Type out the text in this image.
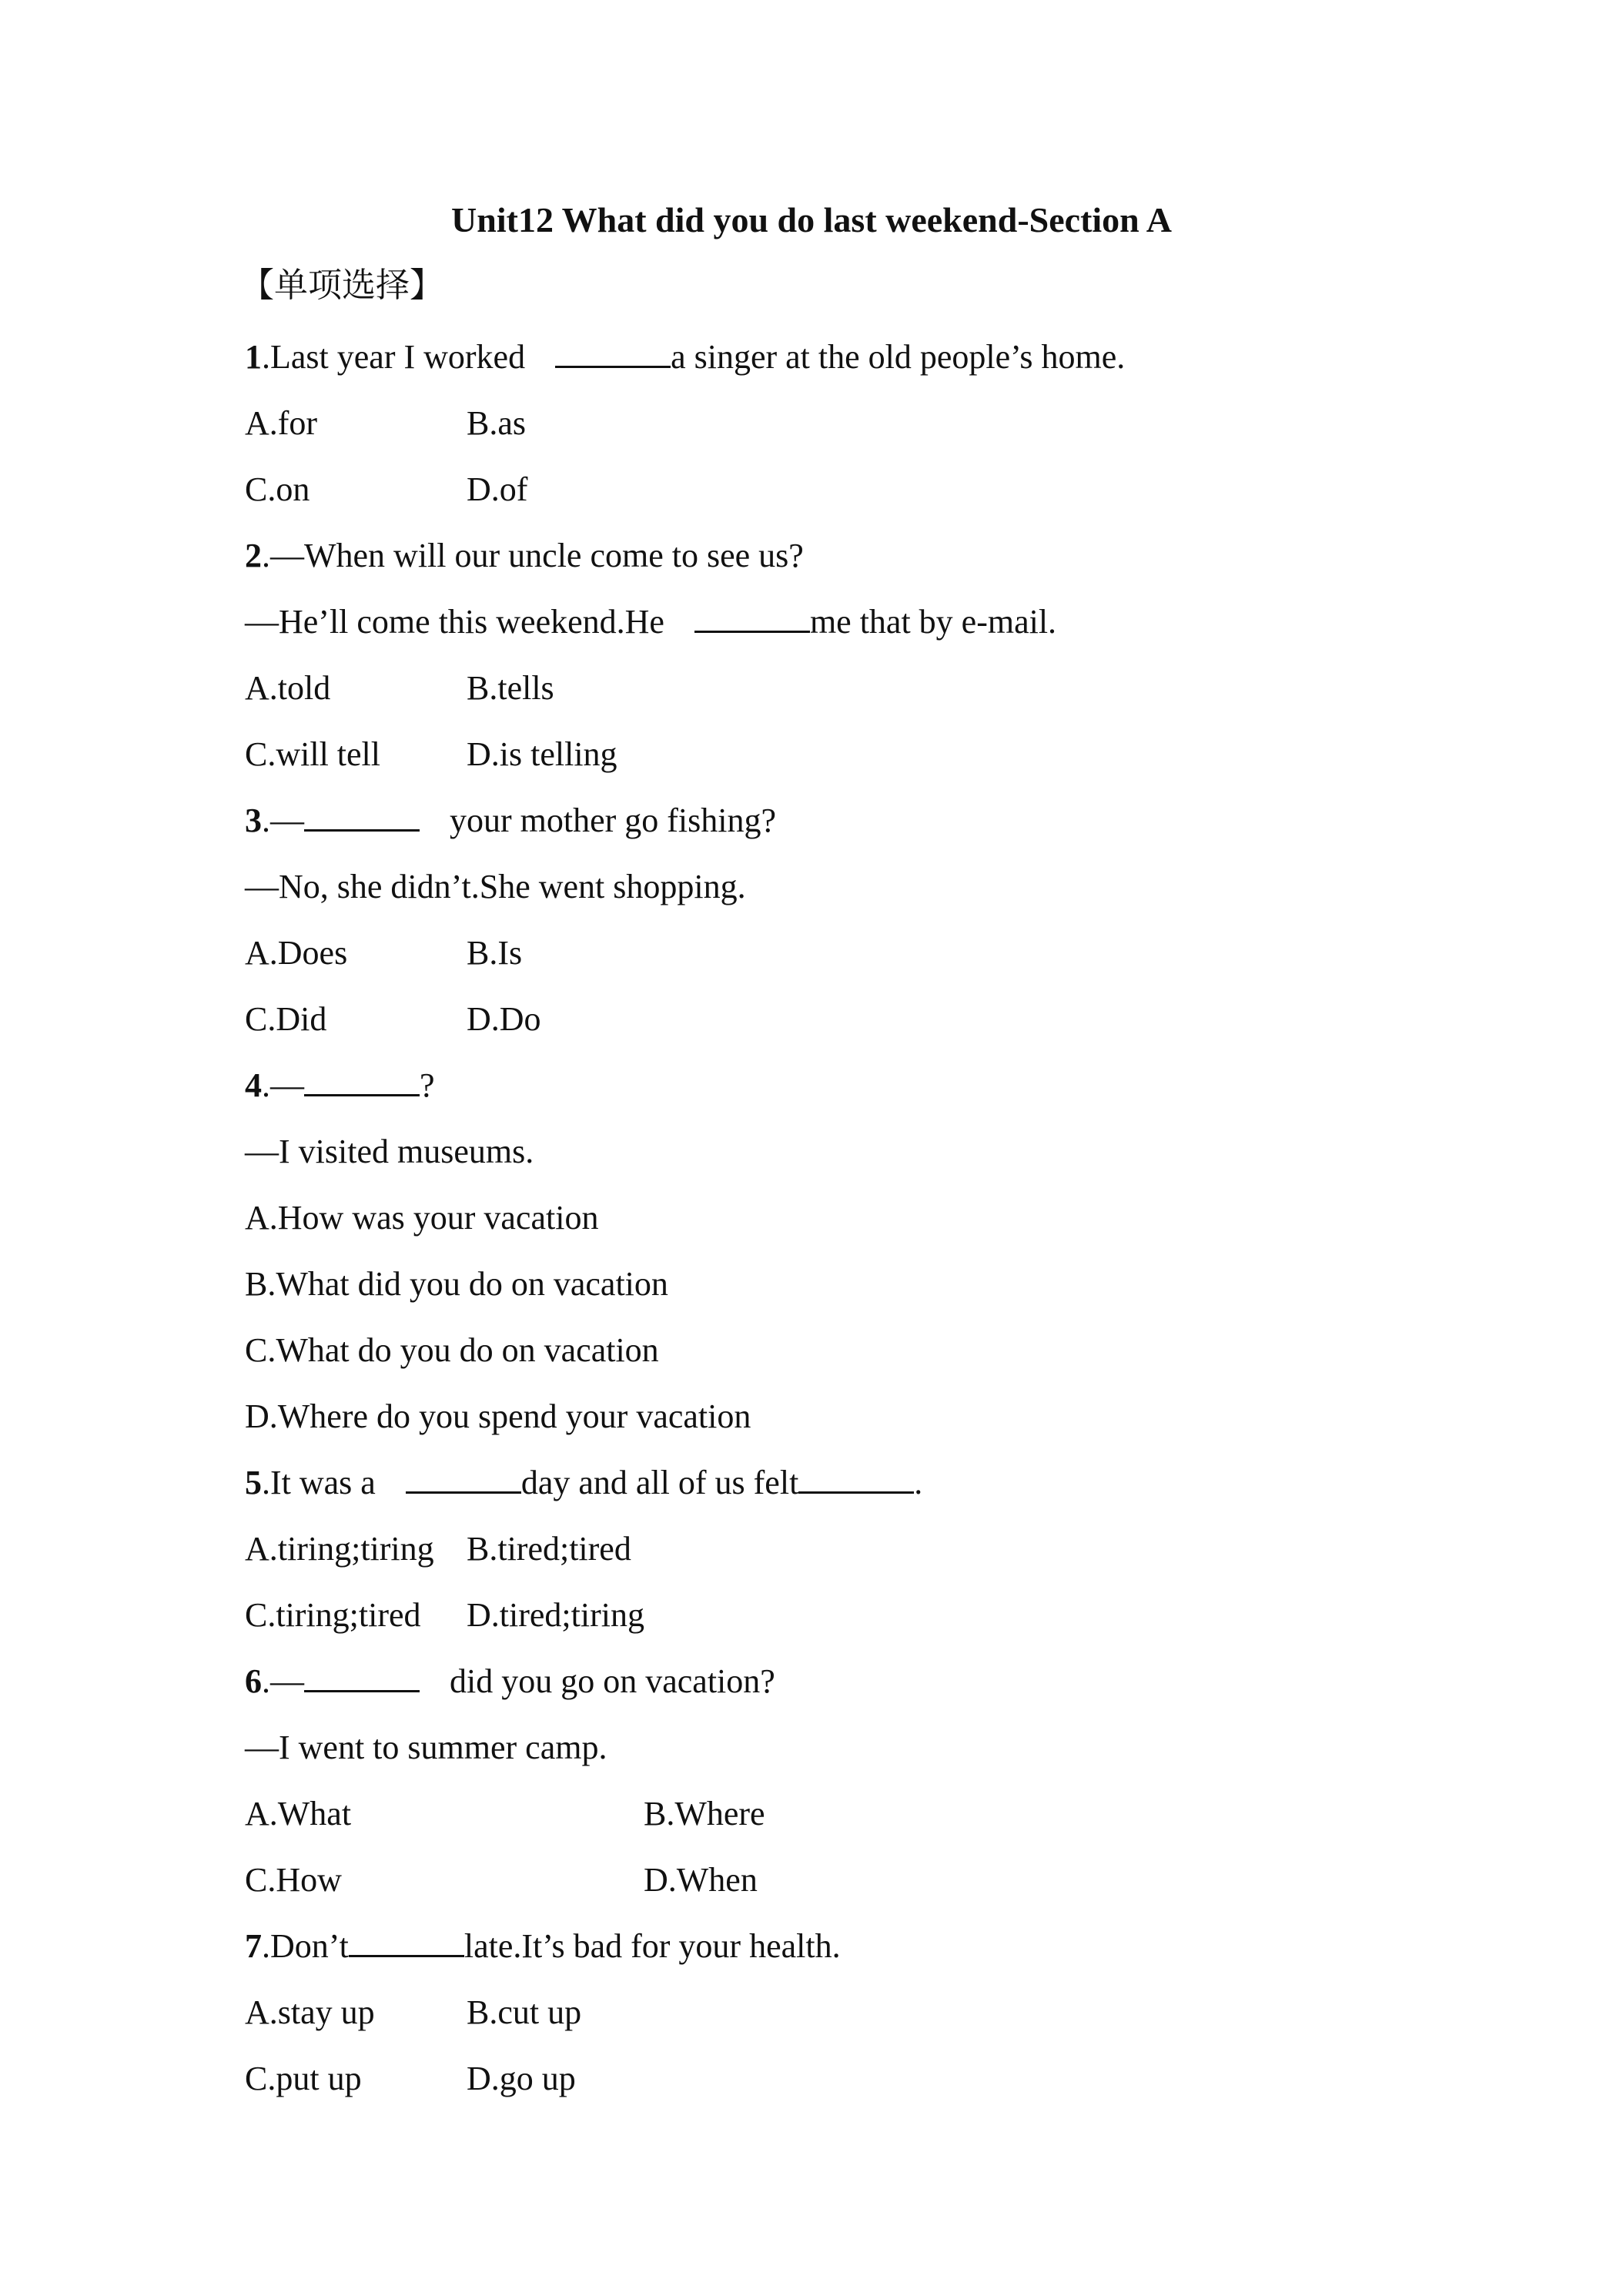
Unit12 What did you do last weekend-Section A
【单项选择】
1.Last year I worked	a singer at the old people’s home.
A.for	B.as
C.on	D.of
2.—When will our uncle come to see us?
—He’ll come this weekend.He	me that by e-mail.
A.told	B.tells
C.will tell	D.is telling
3.—	your mother go fishing?
—No, she didn’t.She went shopping.
A.Does	B.Is
C.Did	D.Do
4.—	?
—I visited museums.
A.How was your vacation
B.What did you do on vacation
C.What do you do on vacation
D.Where do you spend your vacation
5.It was a	day and all of us felt	.
A.tiring;tiring B.tired;tired
C.tiring;tired	D.tired;tiring
6.—	did you go on vacation?
—I went to summer camp.
A.What	B.Where
C.How	D.When
7.Don’t	late.It’s bad for your health.
A.stay up	B.cut up
C.put up	D.go up
